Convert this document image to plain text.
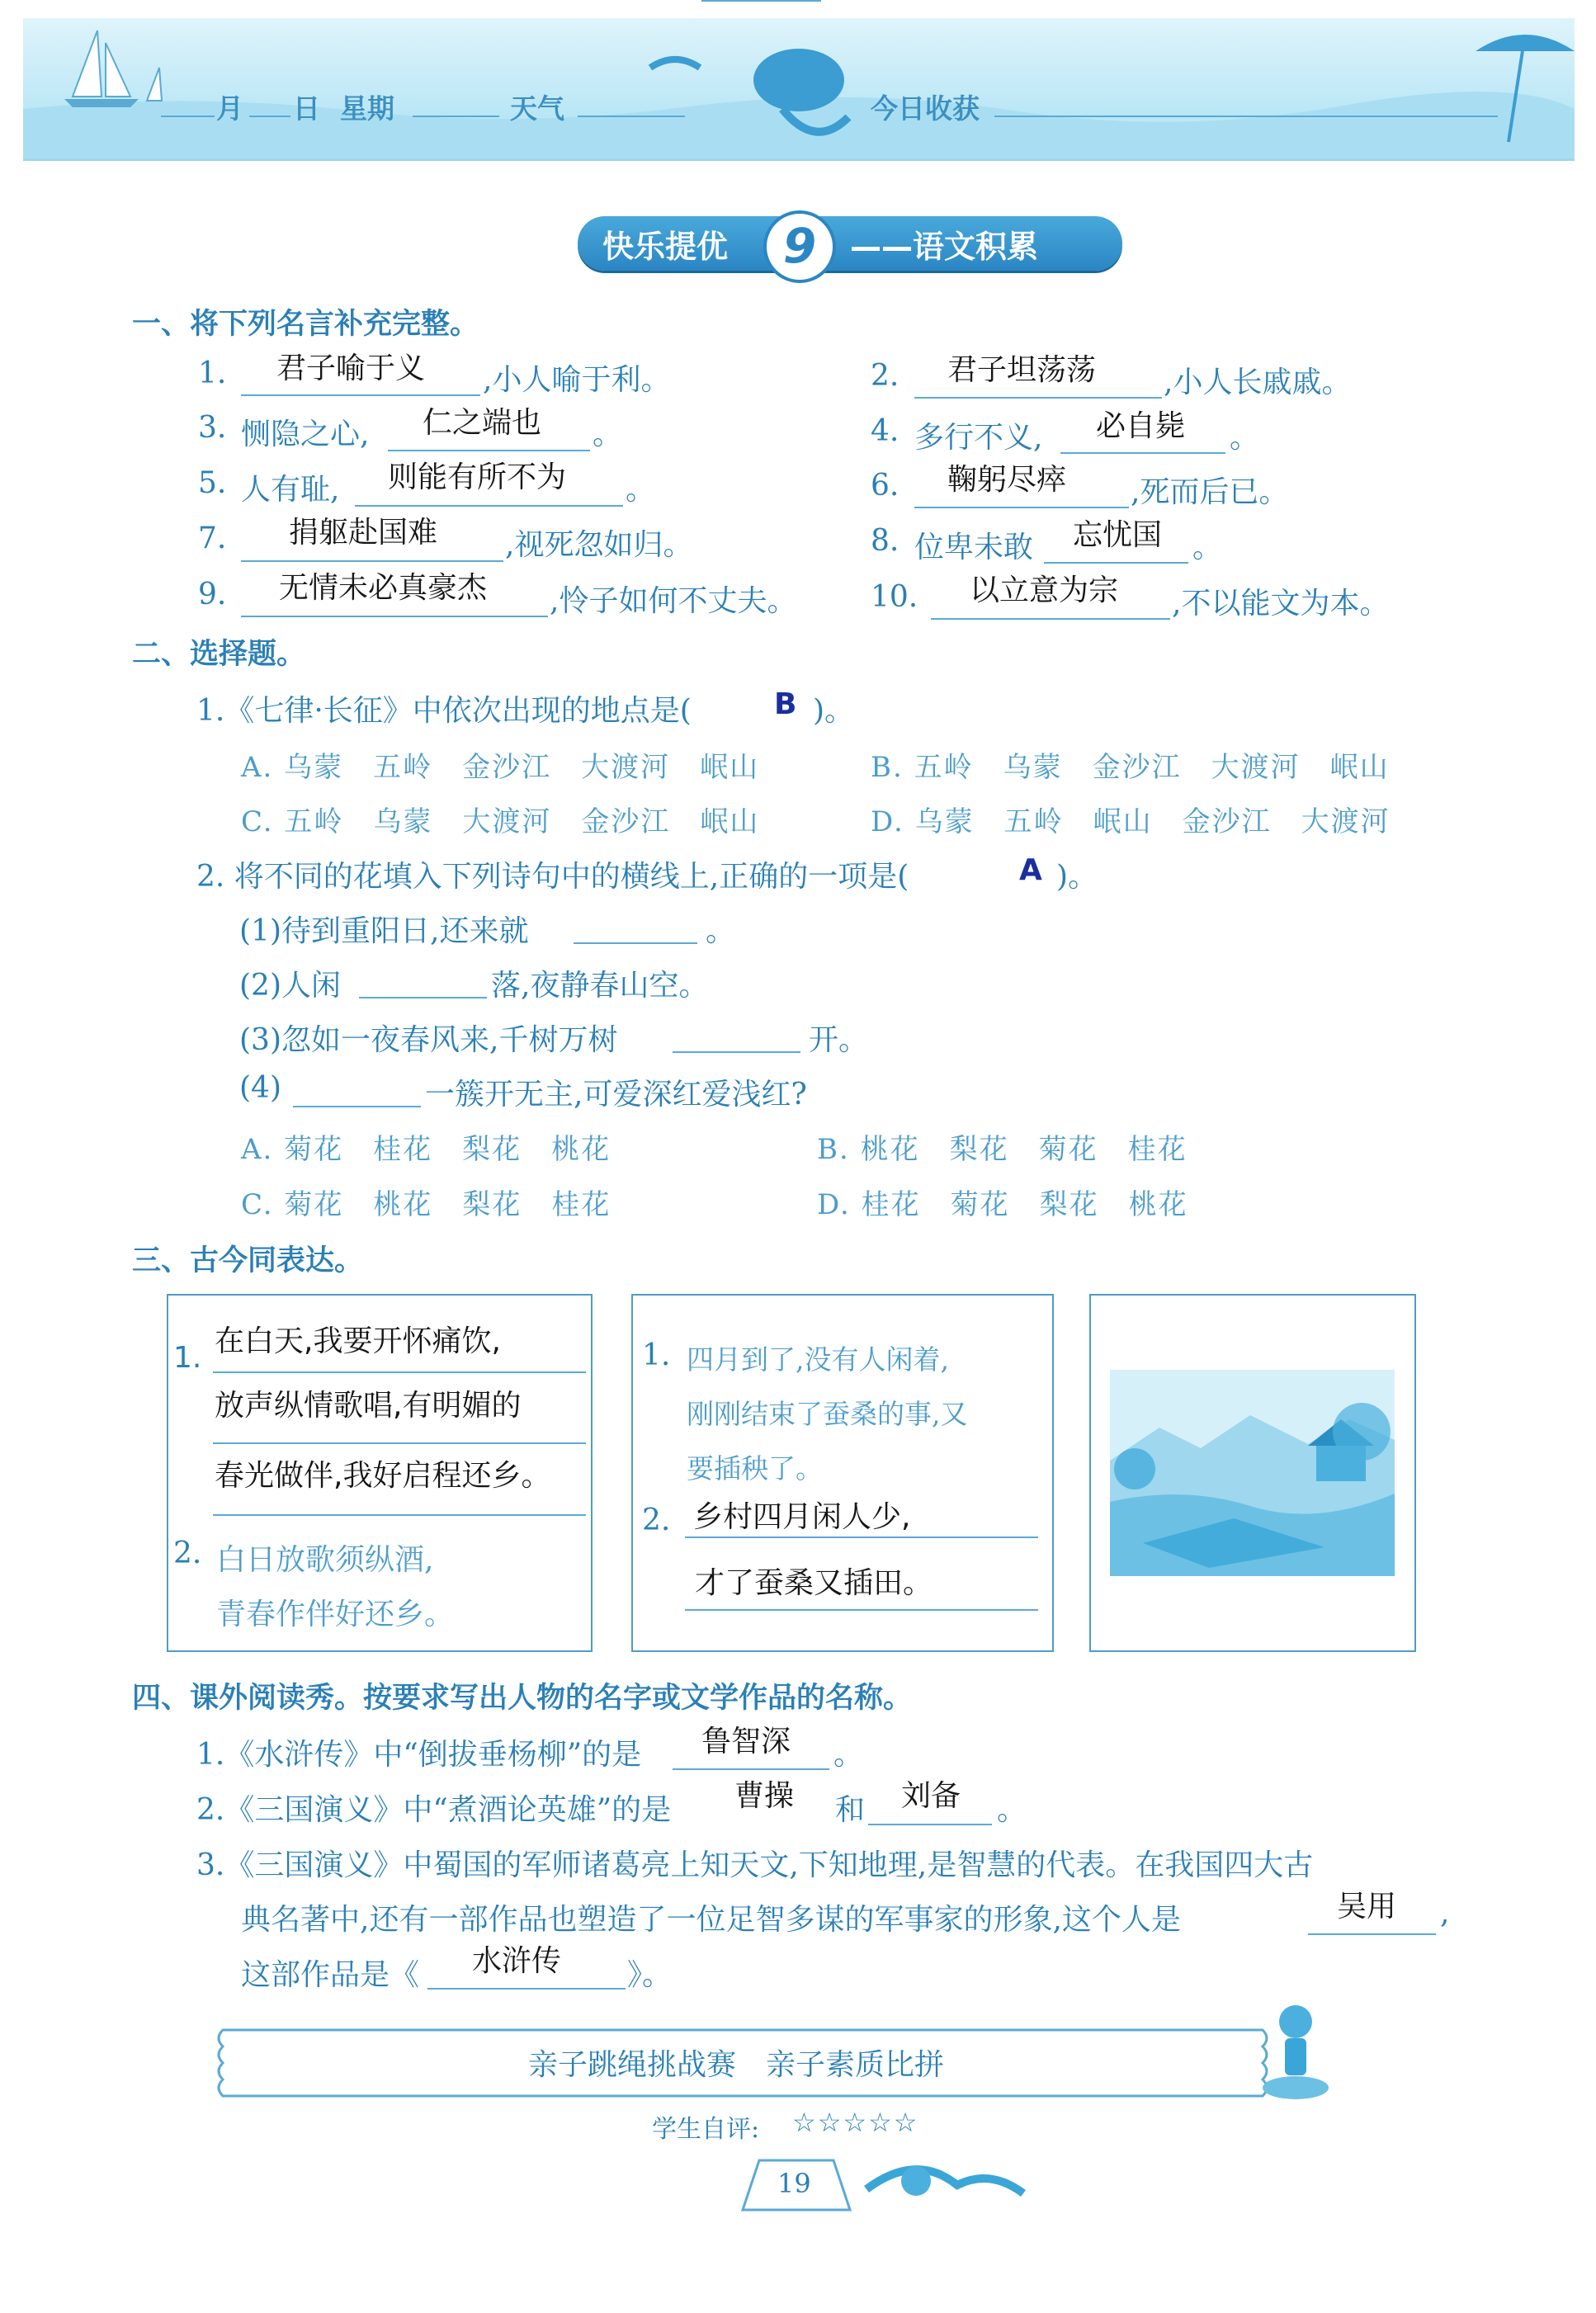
月 日 星期	天气	今日收获
快乐提优	9	——语文积累
一、将下列名言补充完整。
1. 君子喻于义 ,小人喻于利。	2. 君子坦荡荡 ,小人长戚戚。
3. 恻隐之心, 仁之端也 。	4. 多行不义, 必自毙 。
5. 人有耻, 则能有所不为 。	6. 鞠躬尽瘁 ,死而后已。
7. 捐躯赴国难 ,视死忽如归。	8. 位卑未敢 忘忧国 。
9. 无情未必真豪杰 ,怜子如何不丈夫。 10. 以立意为宗 ,不以能文为本。
二、选择题。
1.《七律·长征》中依次出现的地点是(	B )。
A. 乌蒙　五岭　金沙江　大渡河　岷山	B. 五岭　乌蒙　金沙江　大渡河　岷山
C. 五岭　乌蒙　大渡河　金沙江　岷山	D. 乌蒙　五岭　岷山　金沙江　大渡河
2. 将不同的花填入下列诗句中的横线上,正确的一项是(	A )。
(1)待到重阳日,还来就	。
(2)人闲	落,夜静春山空。
(3)忽如一夜春风来,千树万树	开。
(4)	一簇开无主,可爱深红爱浅红?
A. 菊花　桂花　梨花　桃花	B. 桃花　梨花　菊花　桂花
C. 菊花　桃花　梨花　桂花	D. 桂花　菊花　梨花　桃花
三、古今同表达。
1. 在白天,我要开怀痛饮,
放声纵情歌唱,有明媚的
春光做伴,我好启程还乡。
2. 白日放歌须纵酒,
青春作伴好还乡。
1. 四月到了,没有人闲着,
刚刚结束了蚕桑的事,又
要插秧了。
2. 乡村四月闲人少,
才了蚕桑又插田。
四、课外阅读秀。按要求写出人物的名字或文学作品的名称。
1.《水浒传》中“倒拔垂杨柳”的是 鲁智深 。
2.《三国演义》中“煮酒论英雄”的是 曹操 和 刘备 。
3.《三国演义》中蜀国的军师诸葛亮上知天文,下知地理,是智慧的代表。在我国四大古
典名著中,还有一部作品也塑造了一位足智多谋的军事家的形象,这个人是	吴用 ,
这部作品是《 水浒传 》。
亲子跳绳挑战赛　亲子素质比拼
学生自评: ☆☆☆☆☆
19
